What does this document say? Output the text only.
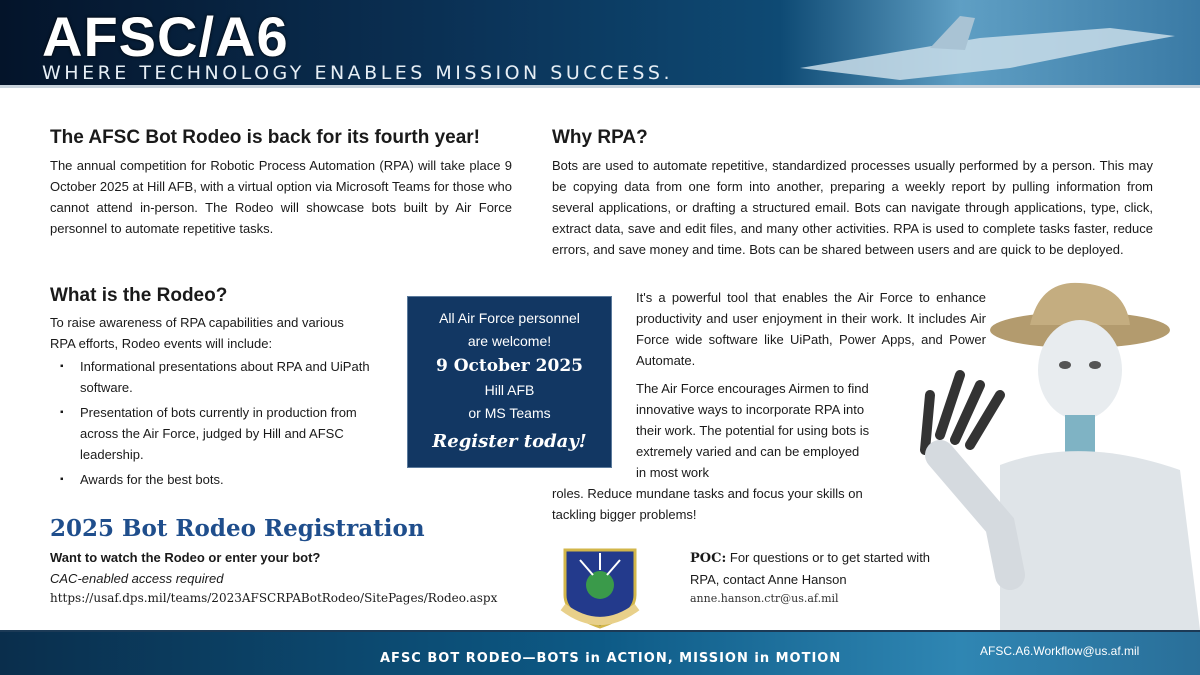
AFSC/A6
WHERE TECHNOLOGY ENABLES MISSION SUCCESS.
The AFSC Bot Rodeo is back for its fourth year!

The annual competition for Robotic Process Automation (RPA) will take place 9 October 2025 at Hill AFB, with a virtual option via Microsoft Teams for those who cannot attend in-person. The Rodeo will showcase bots built by Air Force personnel to automate repetitive tasks.

What is the Rodeo?

To raise awareness of RPA capabilities and various RPA efforts, Rodeo events will include:

▪ Informational presentations about RPA and UiPath software.
▪ Presentation of bots currently in production from across the Air Force, judged by Hill and AFSC leadership.
▪ Awards for the best bots.
2025 Bot Rodeo Registration
Want to watch the Rodeo or enter your bot?
CAC-enabled access required
https://usaf.dps.mil/teams/2023AFSCRPABotRodeo/SitePages/Rodeo.aspx
All Air Force personnel
are welcome!
9 October 2025
Hill AFB
or MS Teams
Register today!
Why RPA?

Bots are used to automate repetitive, standardized processes usually performed by a person. This may be copying data from one form into another, preparing a weekly report by pulling information from several applications, or drafting a structured email. Bots can navigate through applications, type, click, extract data, save and edit files, and many other activities. RPA is used to complete tasks faster, reduce errors, and save money and time. Bots can be shared between users and are quick to be deployed.

It's a powerful tool that enables the Air Force to enhance productivity and user enjoyment in their work. It includes Air Force wide software like UiPath, Power Apps, and Power Automate.

The Air Force encourages Airmen to find innovative ways to incorporate RPA into their work. The potential for using bots is extremely varied and can be employed in most work

roles. Reduce mundane tasks and focus your skills on tackling bigger problems!

POC: For questions or to get started with RPA, contact Anne Hanson
anne.hanson.ctr@us.af.mil
AFSC BOT RODEO—BOTS in ACTION, MISSION in MOTION	AFSC.A6.Workflow@us.af.mil
